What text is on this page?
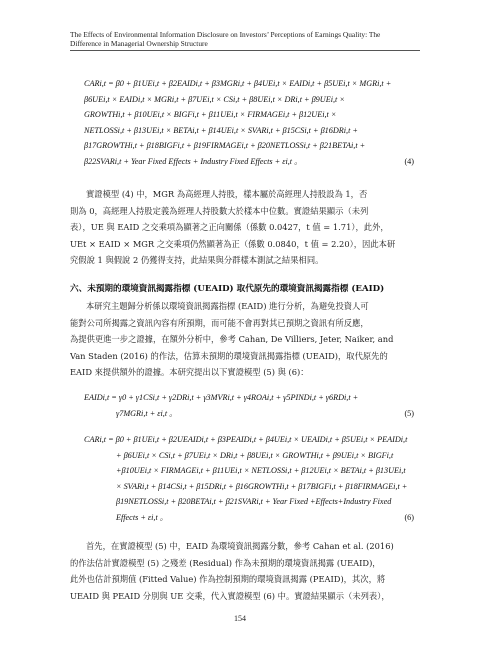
The Effects of Environmental Information Disclosure on Investors’ Perceptions of Earnings Quality: The
Difference in Managerial Ownership Structure
CARi,t = β0 + β1UEi,t + β2EAIDi,t + β3MGRi,t + β4UEi,t × EAIDi,t + β5UEi,t × MGRi,t +
β6UEi,t × EAIDi,t × MGRi,t + β7UEi,t × CSi,t + β8UEi,t × DRi,t + β9UEi,t ×
GROWTHi,t + β10UEi,t × BIGFi,t + β11UEi,t × FIRMAGEi,t + β12UEi,t ×
NETLOSSi,t + β13UEi,t × BETAi,t + β14UEi,t × SVARi,t + β15CSi,t + β16DRi,t +
β17GROWTHi,t + β18BIGFi,t + β19FIRMAGEi,t + β20NETLOSSi,t + β21BETAi,t +
β22SVARi,t + Year Fixed Effects + Industry Fixed Effects + εi,t 。	(4)
實證模型 (4) 中，MGR 為高經理人持股，樣本屬於高經理人持股設為 1，否
則為 0，高經理人持股定義為經理人持股數大於樣本中位數。實證結果顯示（未列
表），UE 與 EAID 之交乘項為顯著之正向關係（係數 0.0427，t 值 = 1.71），此外，
UEt × EAID × MGR 之交乘項仍然顯著為正（係數 0.0840，t 值 = 2.20），因此本研
究假說 1 與假說 2 仍獲得支持，此結果與分群樣本測試之結果相同。
六、未預期的環境資訊揭露指標 (UEAID) 取代原先的環境資訊揭露指標 (EAID)
本研究主題歸分析係以環境資訊揭露指標 (EAID) 進行分析，為避免投資人可
能對公司所揭露之資訊內容有所預期，而可能不會再對其已預期之資訊有所反應，
為提供更進一步之證據，在額外分析中，參考 Cahan, De Villiers, Jeter, Naiker, and
Van Staden (2016) 的作法，估算未預期的環境資訊揭露指標 (UEAID)，取代原先的
EAID 來提供額外的證據。本研究提出以下實證模型 (5) 與 (6)：
EAIDi,t = γ0 + γ1CSi,t + γ2DRi,t + γ3MVRi,t + γ4ROAi,t + γ5PINDi,t + γ6RDi,t +
γ7MGRi,t + εi,t 。	(5)
CARi,t = β0 + β1UEi,t + β2UEAIDi,t + β3PEAIDi,t + β4UEi,t × UEAIDi,t + β5UEi,t × PEAIDi,t
+ β6UEi,t × CSi,t + β7UEi,t × DRi,t + β8UEi,t × GROWTHi,t + β9UEi,t × BIGFi,t
+β10UEi,t × FIRMAGEi,t + β11UEi,t × NETLOSSi,t + β12UEi,t × BETAi,t + β13UEi,t
× SVARi,t + β14CSi,t + β15DRi,t + β16GROWTHi,t + β17BIGFi,t + β18FIRMAGEi,t +
β19NETLOSSi,t + β20BETAi,t + β21SVARi,t + Year Fixed +Effects+Industry Fixed
Effects + εi,t 。	(6)
首先，在實證模型 (5) 中，EAID 為環境資訊揭露分數，參考 Cahan et al. (2016)
的作法估計實證模型 (5) 之殘差 (Residual) 作為未預期的環境資訊揭露 (UEAID)，
此外也估計預期值 (Fitted Value) 作為控制預期的環境資訊揭露 (PEAID)，其次，將
UEAID 與 PEAID 分別與 UE 交乘，代入實證模型 (6) 中。實證結果顯示（未列表），
154
